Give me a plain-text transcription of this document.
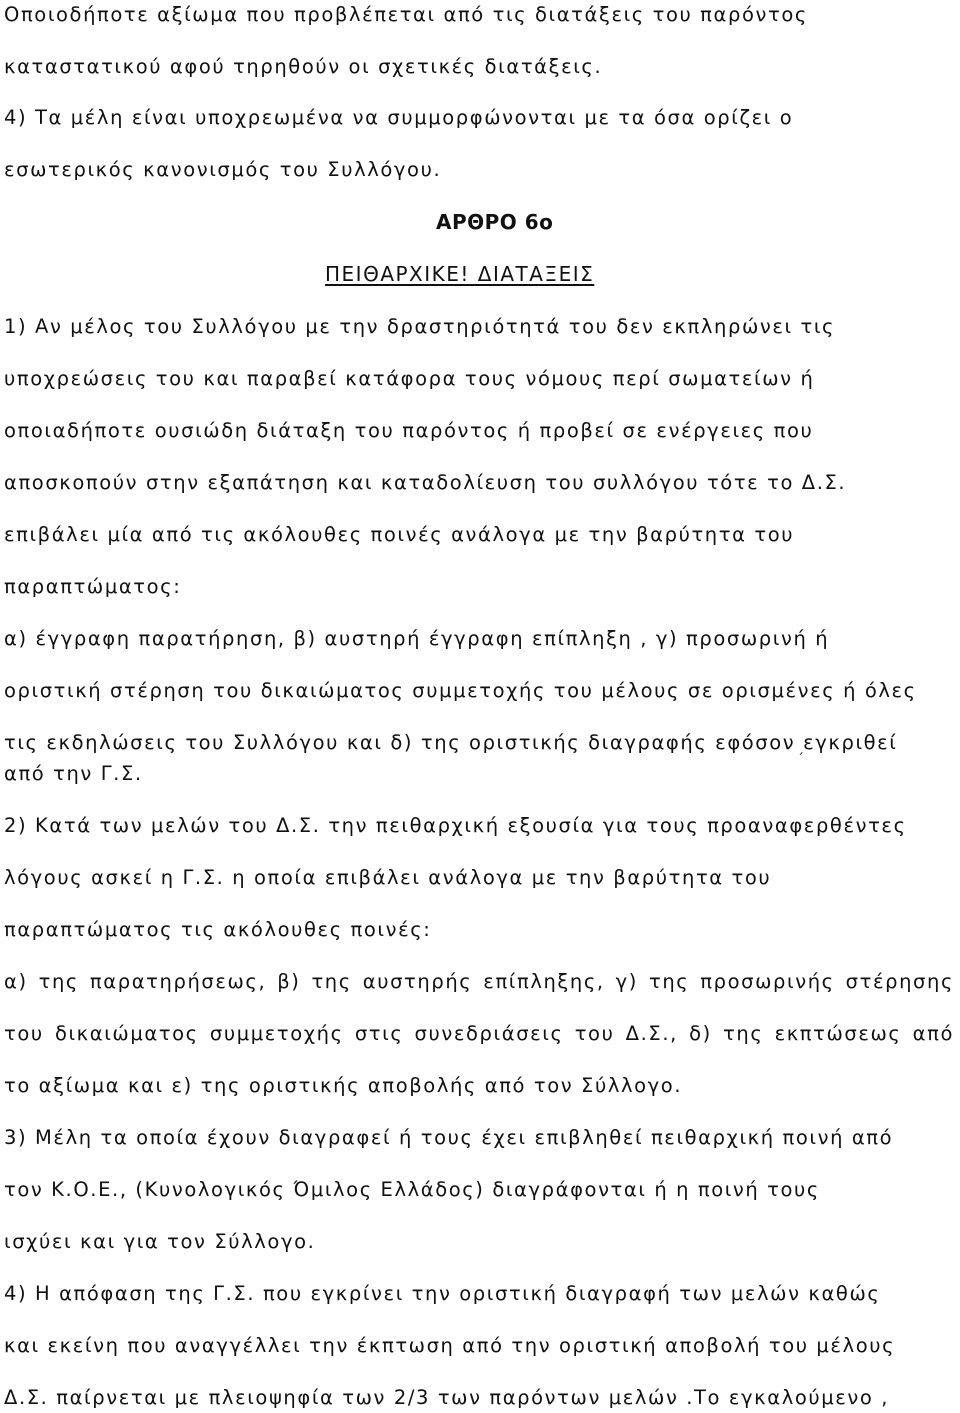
Οποιοδήποτε αξίωμα που προβλέπεται από τις διατάξεις του παρόντος
καταστατικού αφού τηρηθούν οι σχετικές διατάξεις.
4) Τα μέλη είναι υποχρεωμένα να συμμορφώνονται με τα όσα ορίζει ο
εσωτερικός κανονισμός του Συλλόγου.
ΑΡΘΡΟ 6ο
ΠΕΙΘΑΡΧΙΚΕ! ΔΙΑΤΑΞΕΙΣ
1) Αν μέλος του Συλλόγου με την δραστηριότητά του δεν εκπληρώνει τις
υποχρεώσεις του και παραβεί κατάφορα τους νόμους περί σωματείων ή
οποιαδήποτε ουσιώδη διάταξη του παρόντος ή προβεί σε ενέργειες που
αποσκοπούν στην εξαπάτηση και καταδολίευση του συλλόγου τότε το Δ.Σ.
επιβάλει μία από τις ακόλουθες ποινές ανάλογα με την βαρύτητα του
παραπτώματος:
α) έγγραφη παρατήρηση, β) αυστηρή έγγραφη επίπληξη , γ) προσωρινή ή
οριστική στέρηση του δικαιώματος συμμετοχής του μέλους σε ορισμένες ή όλες
τις εκδηλώσεις του Συλλόγου και δ) της οριστικής διαγραφής εφόσον εγκριθεί
από την Γ.Σ.
´
2) Κατά των μελών του Δ.Σ. την πειθαρχική εξουσία για τους προαναφερθέντες
λόγους ασκεί η Γ.Σ. η οποία επιβάλει ανάλογα με την βαρύτητα του
παραπτώματος τις ακόλουθες ποινές:
α) της παρατηρήσεως, β) της αυστηρής επίπληξης, γ) της προσωρινής στέρησης
του δικαιώματος συμμετοχής στις συνεδριάσεις του Δ.Σ., δ) της εκπτώσεως από
το αξίωμα και ε) της οριστικής αποβολής από τον Σύλλογο.
3) Μέλη τα οποία έχουν διαγραφεί ή τους έχει επιβληθεί πειθαρχική ποινή από
τον Κ.Ο.Ε., (Κυνολογικός Όμιλος Ελλάδος) διαγράφονται ή η ποινή τους
ισχύει και για τον Σύλλογο.
4) Η απόφαση της Γ.Σ. που εγκρίνει την οριστική διαγραφή των μελών καθώς
και εκείνη που αναγγέλλει την έκπτωση από την οριστική αποβολή του μέλους
Δ.Σ. παίρνεται με πλειοψηφία των 2/3 των παρόντων μελών .Το εγκαλούμενο ,
